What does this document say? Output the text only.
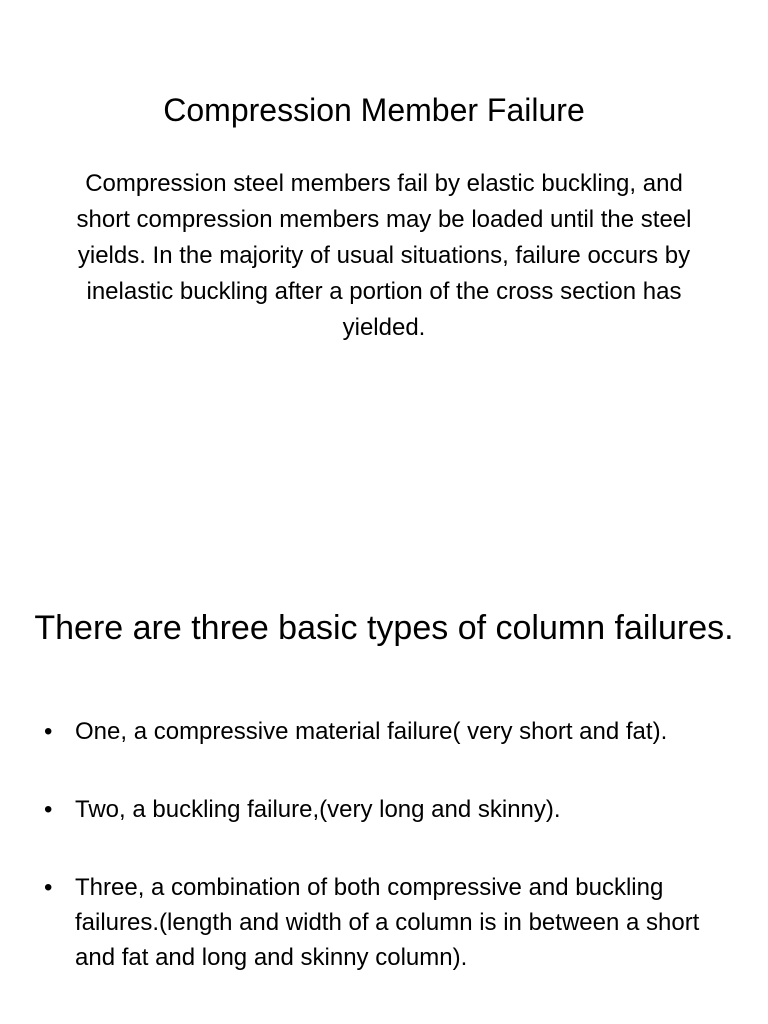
Compression Member Failure

Compression steel members fail by elastic buckling, and short compression members may be loaded until the steel yields. In the majority of usual situations, failure occurs by inelastic buckling after a portion of the cross section has yielded.

There are three basic types of column failures.
• One, a compressive material failure( very short and fat).
• Two, a buckling failure,(very long and skinny).
• Three, a combination of both compressive and buckling failures.(length and width of a column is in between a short and fat and long and skinny column).
